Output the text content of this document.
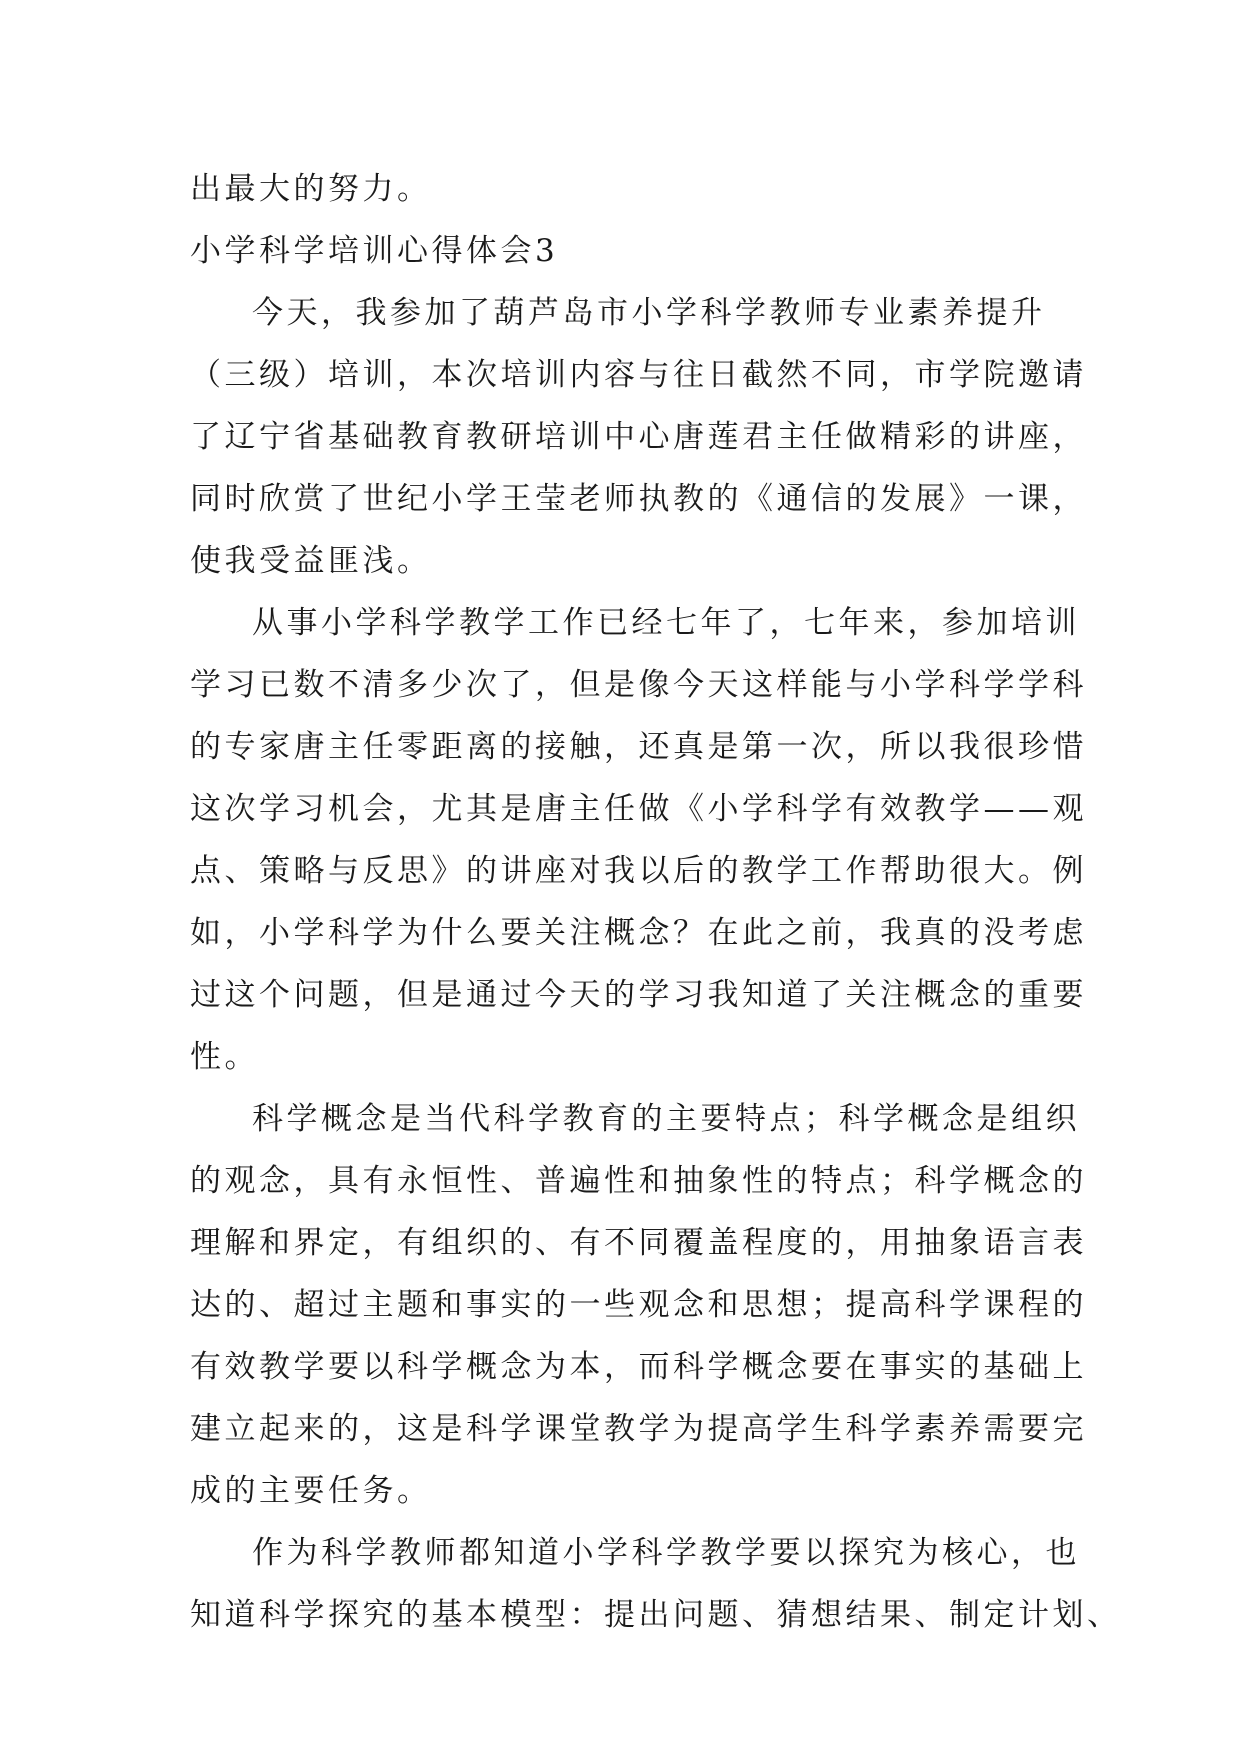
出最大的努力。

小学科学培训心得体会3

今天，我参加了葫芦岛市小学科学教师专业素养提升
（三级）培训，本次培训内容与往日截然不同，市学院邀请
了辽宁省基础教育教研培训中心唐莲君主任做精彩的讲座，
同时欣赏了世纪小学王莹老师执教的《通信的发展》一课，
使我受益匪浅。
从事小学科学教学工作已经七年了，七年来，参加培训
学习已数不清多少次了，但是像今天这样能与小学科学学科
的专家唐主任零距离的接触，还真是第一次，所以我很珍惜
这次学习机会，尤其是唐主任做《小学科学有效教学——观
点、策略与反思》的讲座对我以后的教学工作帮助很大。例
如，小学科学为什么要关注概念？在此之前，我真的没考虑
过这个问题，但是通过今天的学习我知道了关注概念的重要
性。
科学概念是当代科学教育的主要特点；科学概念是组织
的观念，具有永恒性、普遍性和抽象性的特点；科学概念的
理解和界定，有组织的、有不同覆盖程度的，用抽象语言表
达的、超过主题和事实的一些观念和思想；提高科学课程的
有效教学要以科学概念为本，而科学概念要在事实的基础上
建立起来的，这是科学课堂教学为提高学生科学素养需要完
成的主要任务。
作为科学教师都知道小学科学教学要以探究为核心，也
知道科学探究的基本模型：提出问题、猜想结果、制定计划、
